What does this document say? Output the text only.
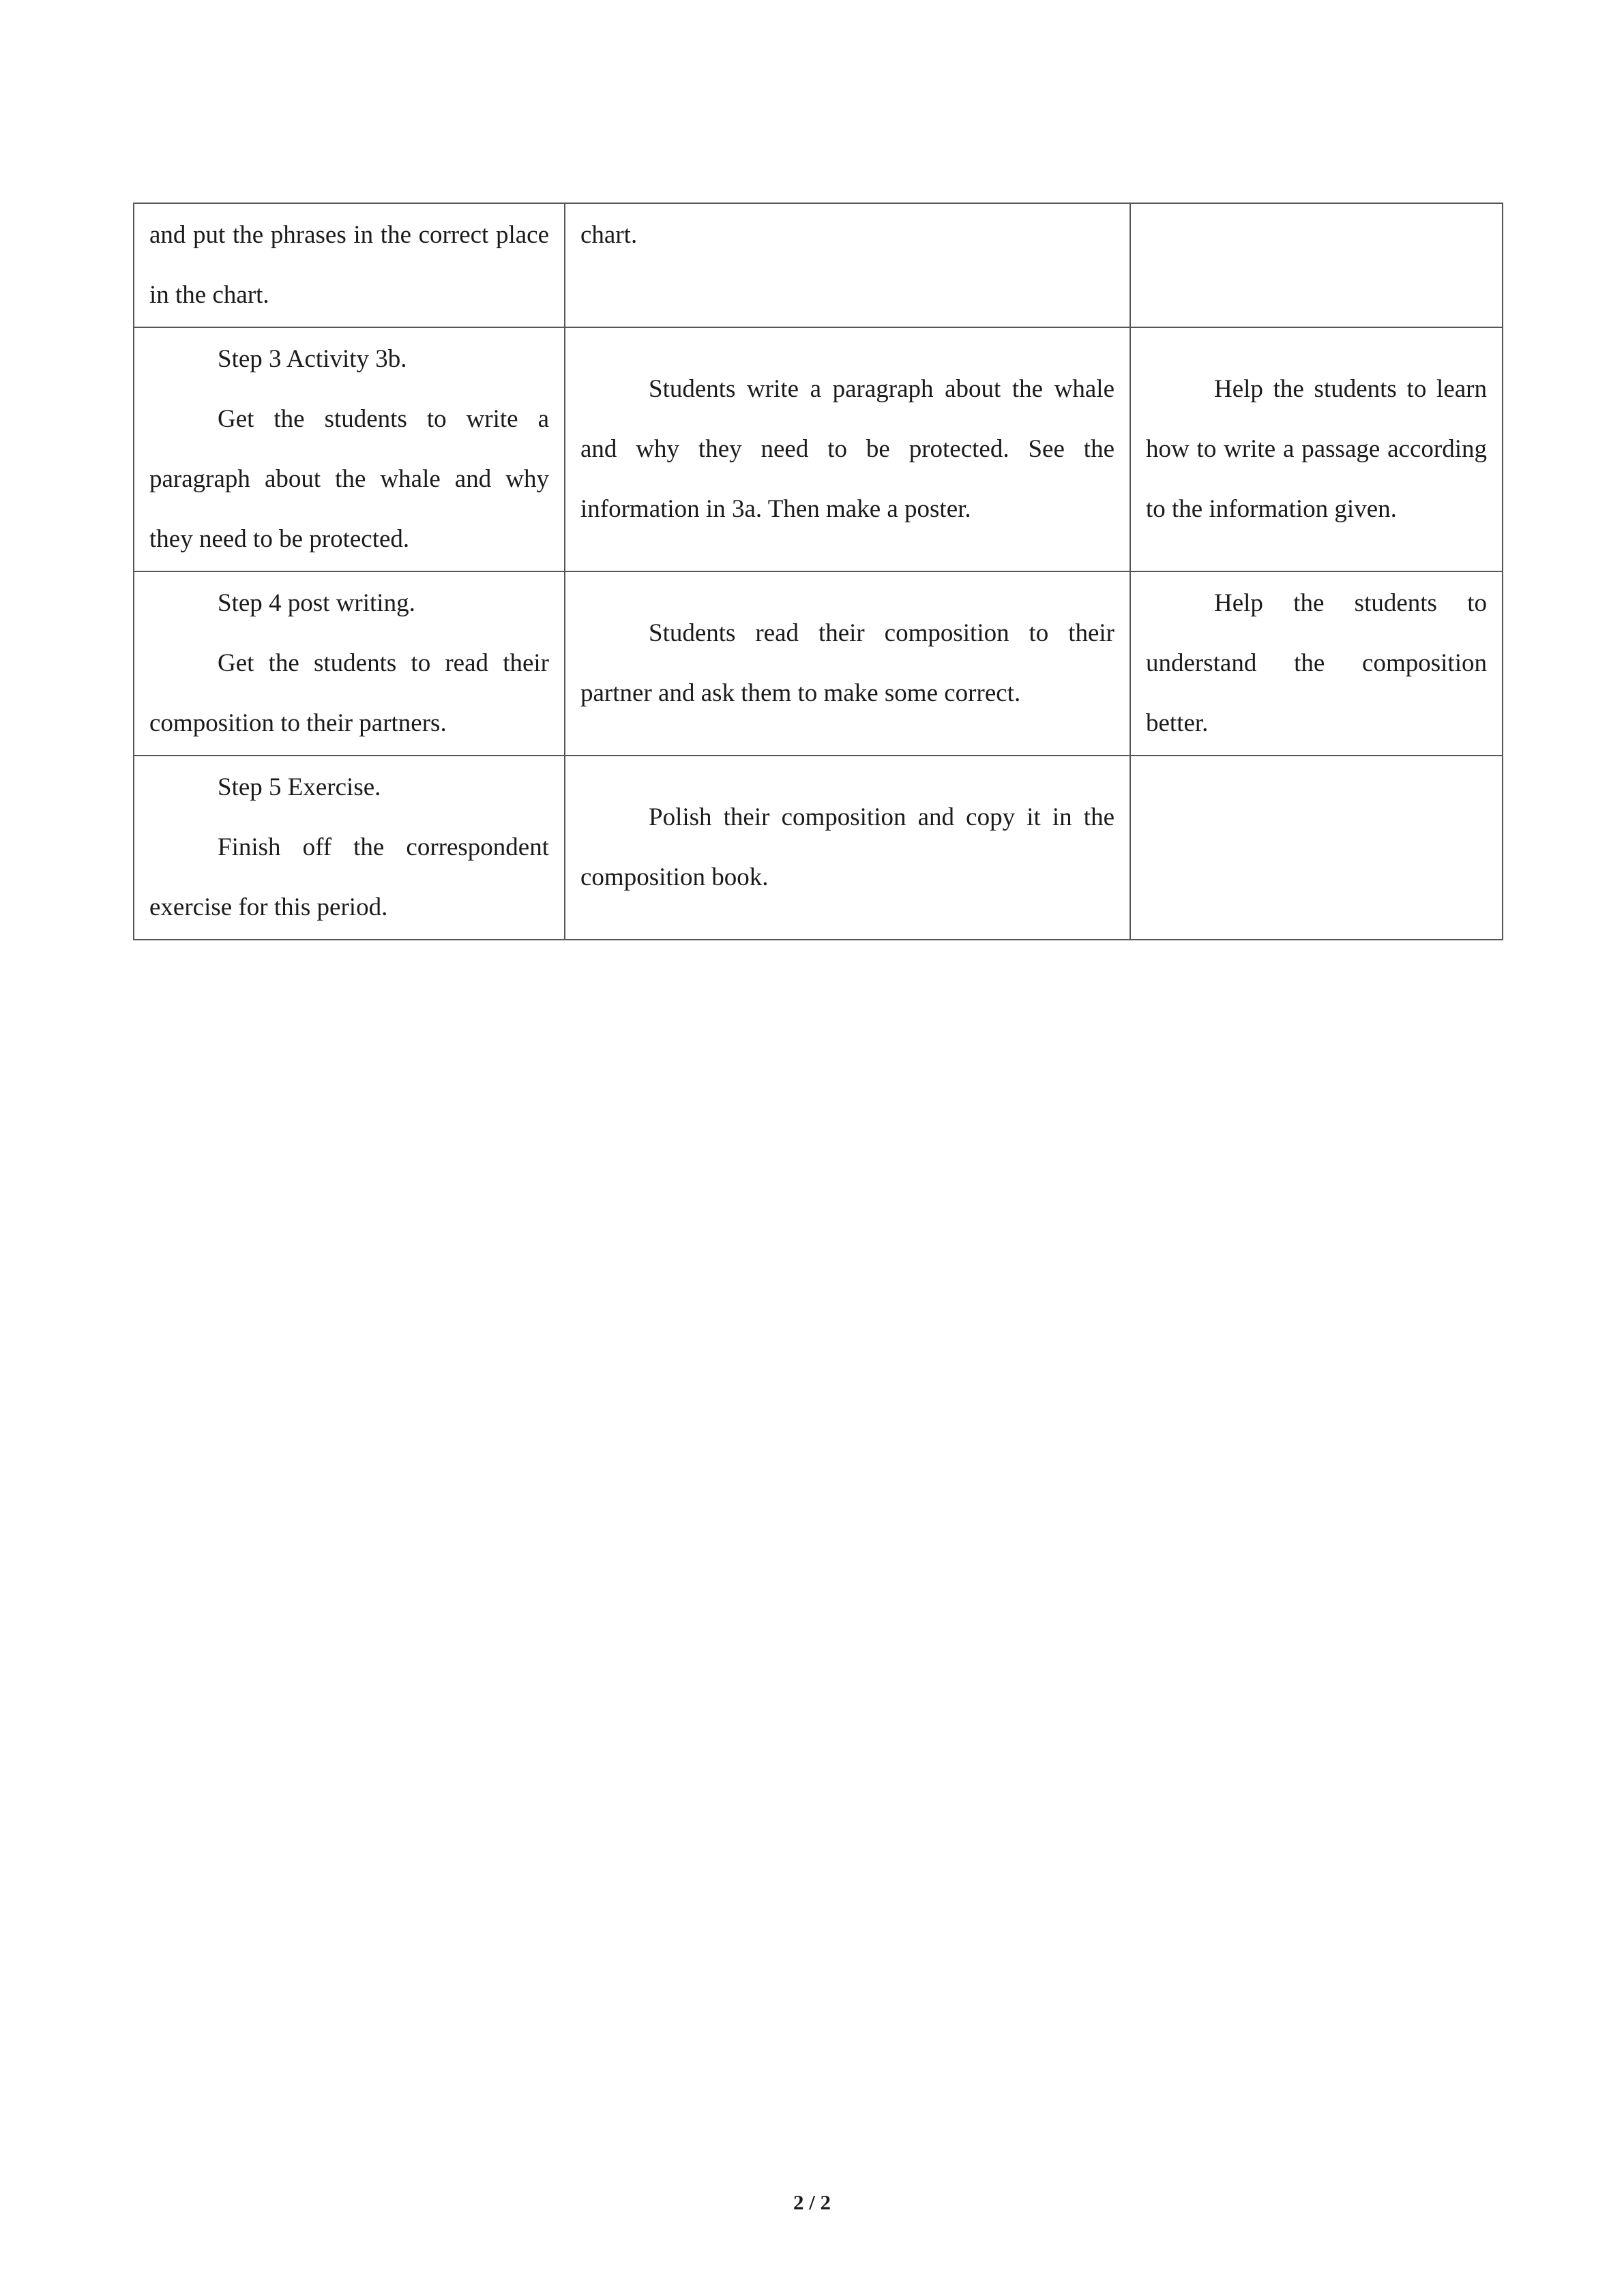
and put the phrases in the correct place in the chart.	chart.	

Step 3 Activity 3b.

Get the students to write a paragraph about the whale and why they need to be protected.	Students write a paragraph about the whale and why they need to be protected. See the information in 3a. Then make a poster.	Help the students to learn how to write a passage according to the information given.

Step 4 post writing.

Get the students to read their composition to their partners.	Students read their composition to their partner and ask them to make some correct.	Help the students to understand the composition better.

Step 5 Exercise.

Finish off the correspondent exercise for this period.	Polish their composition and copy it in the composition book.	

2 / 2
